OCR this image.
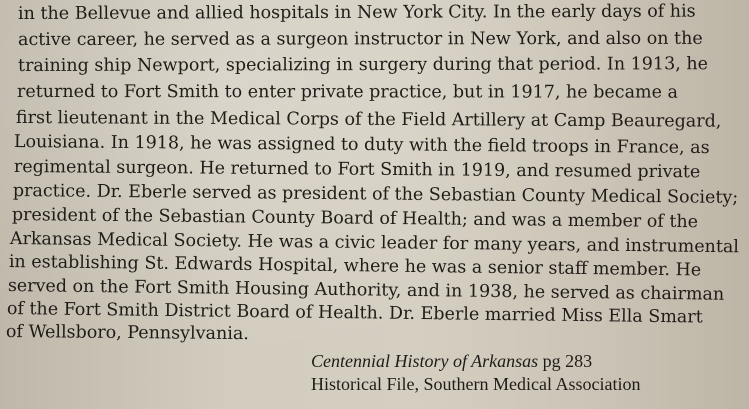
in the Bellevue and allied hospitals in New York City. In the early days of his
active career, he served as a surgeon instructor in New York, and also on the
training ship Newport, specializing in surgery during that period. In 1913, he
returned to Fort Smith to enter private practice, but in 1917, he became a
first lieutenant in the Medical Corps of the Field Artillery at Camp Beauregard,
Louisiana. In 1918, he was assigned to duty with the field troops in France, as
regimental surgeon. He returned to Fort Smith in 1919, and resumed private
practice. Dr. Eberle served as president of the Sebastian County Medical Society;
president of the Sebastian County Board of Health; and was a member of the
Arkansas Medical Society. He was a civic leader for many years, and instrumental
in establishing St. Edwards Hospital, where he was a senior staff member. He
served on the Fort Smith Housing Authority, and in 1938, he served as chairman
of the Fort Smith District Board of Health. Dr. Eberle married Miss Ella Smart
of Wellsboro, Pennsylvania.
Centennial History of Arkansas pg 283
Historical File, Southern Medical Association
